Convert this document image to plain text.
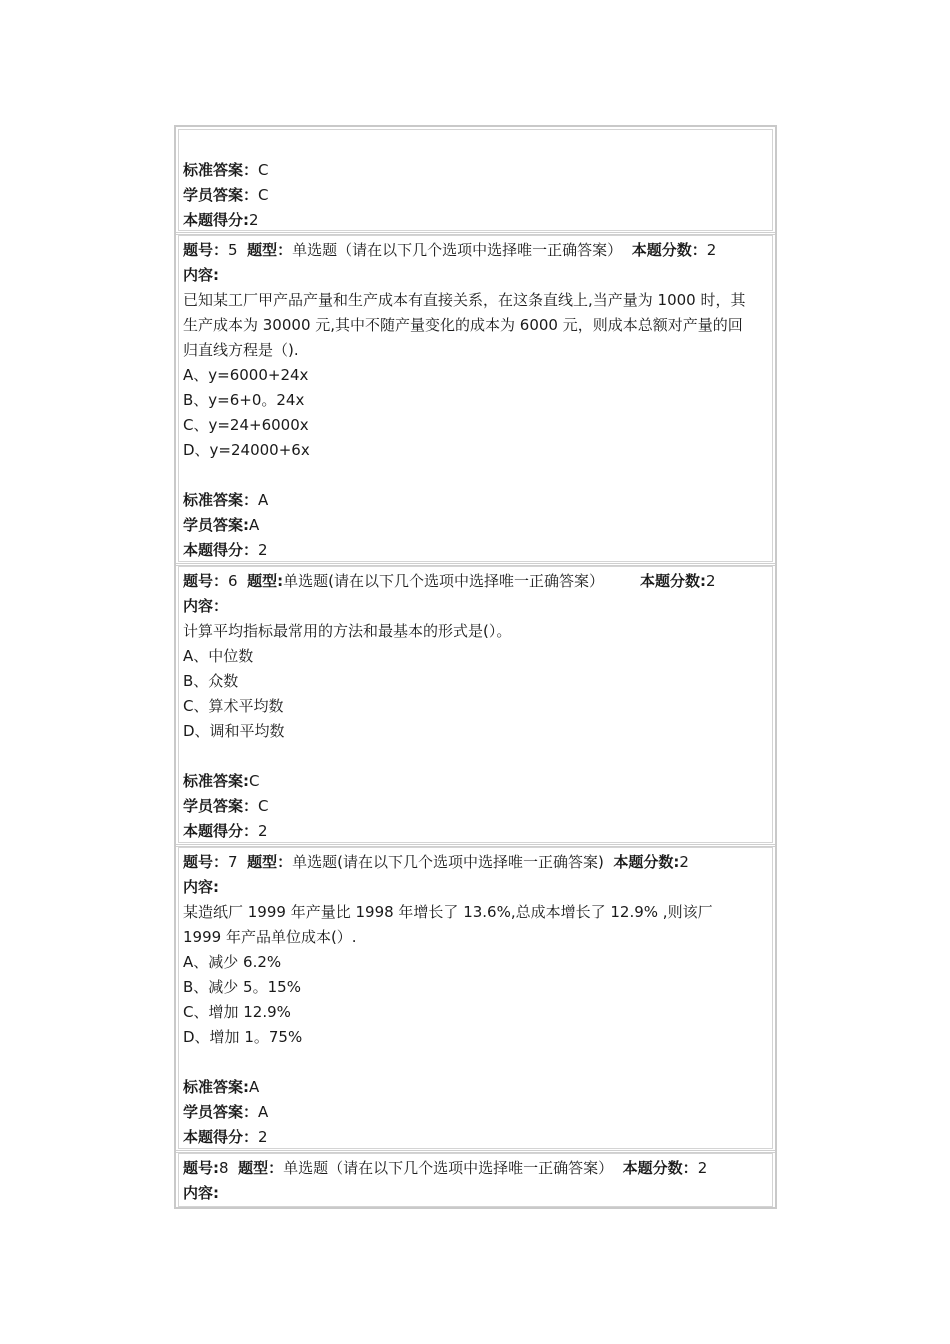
标准答案：C
学员答案：C
本题得分:2
题号：5 题型：单选题（请在以下几个选项中选择唯一正确答案） 本题分数：2
内容:
已知某工厂甲产品产量和生产成本有直接关系，在这条直线上,当产量为 1000 时，其
生产成本为 30000 元,其中不随产量变化的成本为 6000 元，则成本总额对产量的回
归直线方程是（).
A、y=6000+24x
B、y=6+0。24x
C、y=24+6000x
D、y=24000+6x
标准答案：A
学员答案:A
本题得分：2
题号：6 题型:单选题(请在以下几个选项中选择唯一正确答案） 本题分数:2
内容：
计算平均指标最常用的方法和最基本的形式是(）。
A、中位数
B、众数
C、算术平均数
D、调和平均数
标准答案:C
学员答案：C
本题得分：2
题号：7 题型：单选题(请在以下几个选项中选择唯一正确答案) 本题分数:2
内容:
某造纸厂 1999 年产量比 1998 年增长了 13.6%,总成本增长了 12.9% ,则该厂
1999 年产品单位成本(）.
A、减少 6.2%
B、减少 5。15%
C、增加 12.9%
D、增加 1。75%
标准答案:A
学员答案：A
本题得分：2
题号:8 题型：单选题（请在以下几个选项中选择唯一正确答案） 本题分数：2
内容:
